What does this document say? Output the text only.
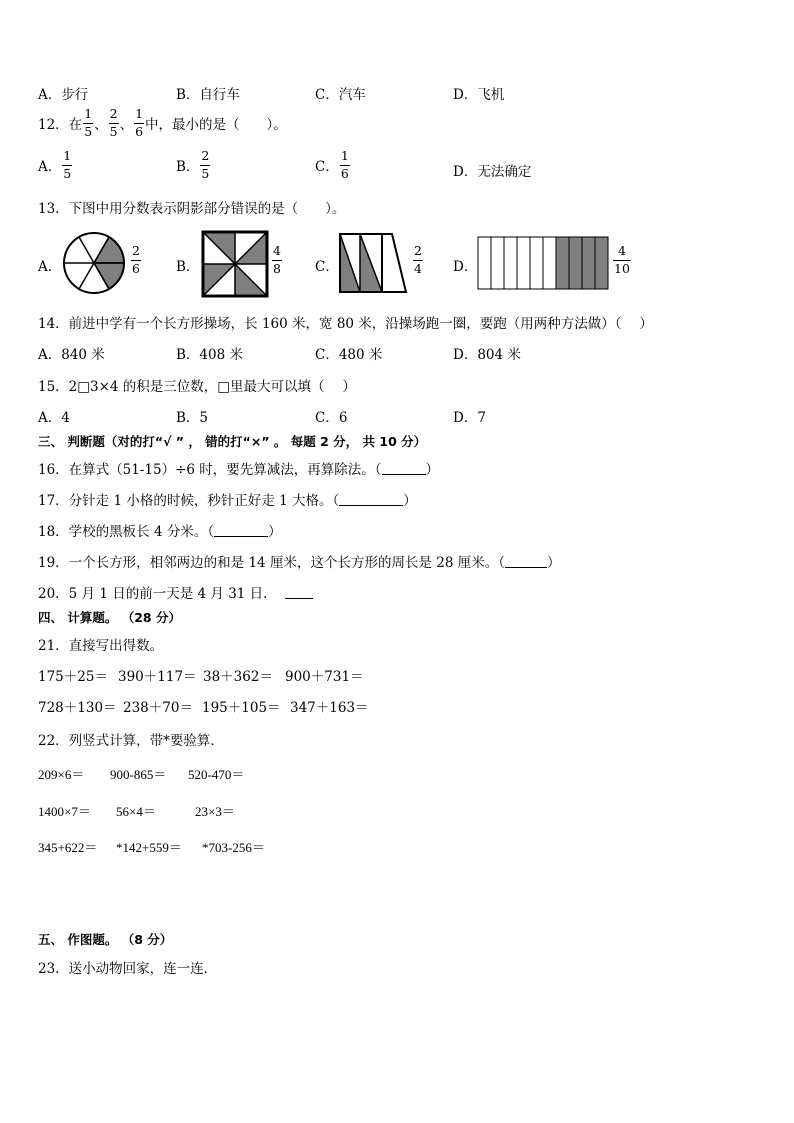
A．步行	B．自行车	C．汽车	D．飞机
12．在 $\frac{1}{5}$ 、 $\frac{2}{5}$ 、 $\frac{1}{6}$ 中，最小的是（　　）。
A． $\frac{1}{5}$	B． $\frac{2}{5}$	C． $\frac{1}{6}$	D．无法确定
13．下图中用分数表示阴影部分错误的是（　　）。
A．	$\frac{2}{6}$	B．	$\frac{4}{8}$ C．	$\frac{2}{4}$ D．	$\frac{4}{10}$
14．前进中学有一个长方形操场，长 160 米，宽 80 米，沿操场跑一圈，要跑（用两种方法做）（　 ）
A．840 米	B．408 米	C．480 米	D．804 米
15．2□3×4 的积是三位数，□里最大可以填（　 ）
A．4	B．5	C．6	D．7
三、 判断题（对的打“√ ” ， 错的打“×” 。 每题 2 分， 共 10 分）
16．在算式（51-15）÷6 时，要先算减法，再算除法。（	）
17．分针走 1 小格的时候，秒针正好走 1 大格。（	）
18．学校的黑板长 4 分米。（	）
19．一个长方形，相邻两边的和是 14 厘米，这个长方形的周长是 28 厘米。（	）
20．5 月 1 日的前一天是 4 月 31 日．
四、 计算题。 （28 分）
21．直接写出得数。
175＋25＝ 390＋117＝ 38＋362＝ 900＋731＝
728＋130＝ 238＋70＝ 195＋105＝ 347＋163＝
22．列竖式计算，带*要验算．
209×6＝ 900-865＝ 520-470＝
1400×7＝ 56×4＝	23×3＝
345+622＝ *142+559＝ *703-256＝
五、 作图题。 （8 分）
23．送小动物回家，连一连．
